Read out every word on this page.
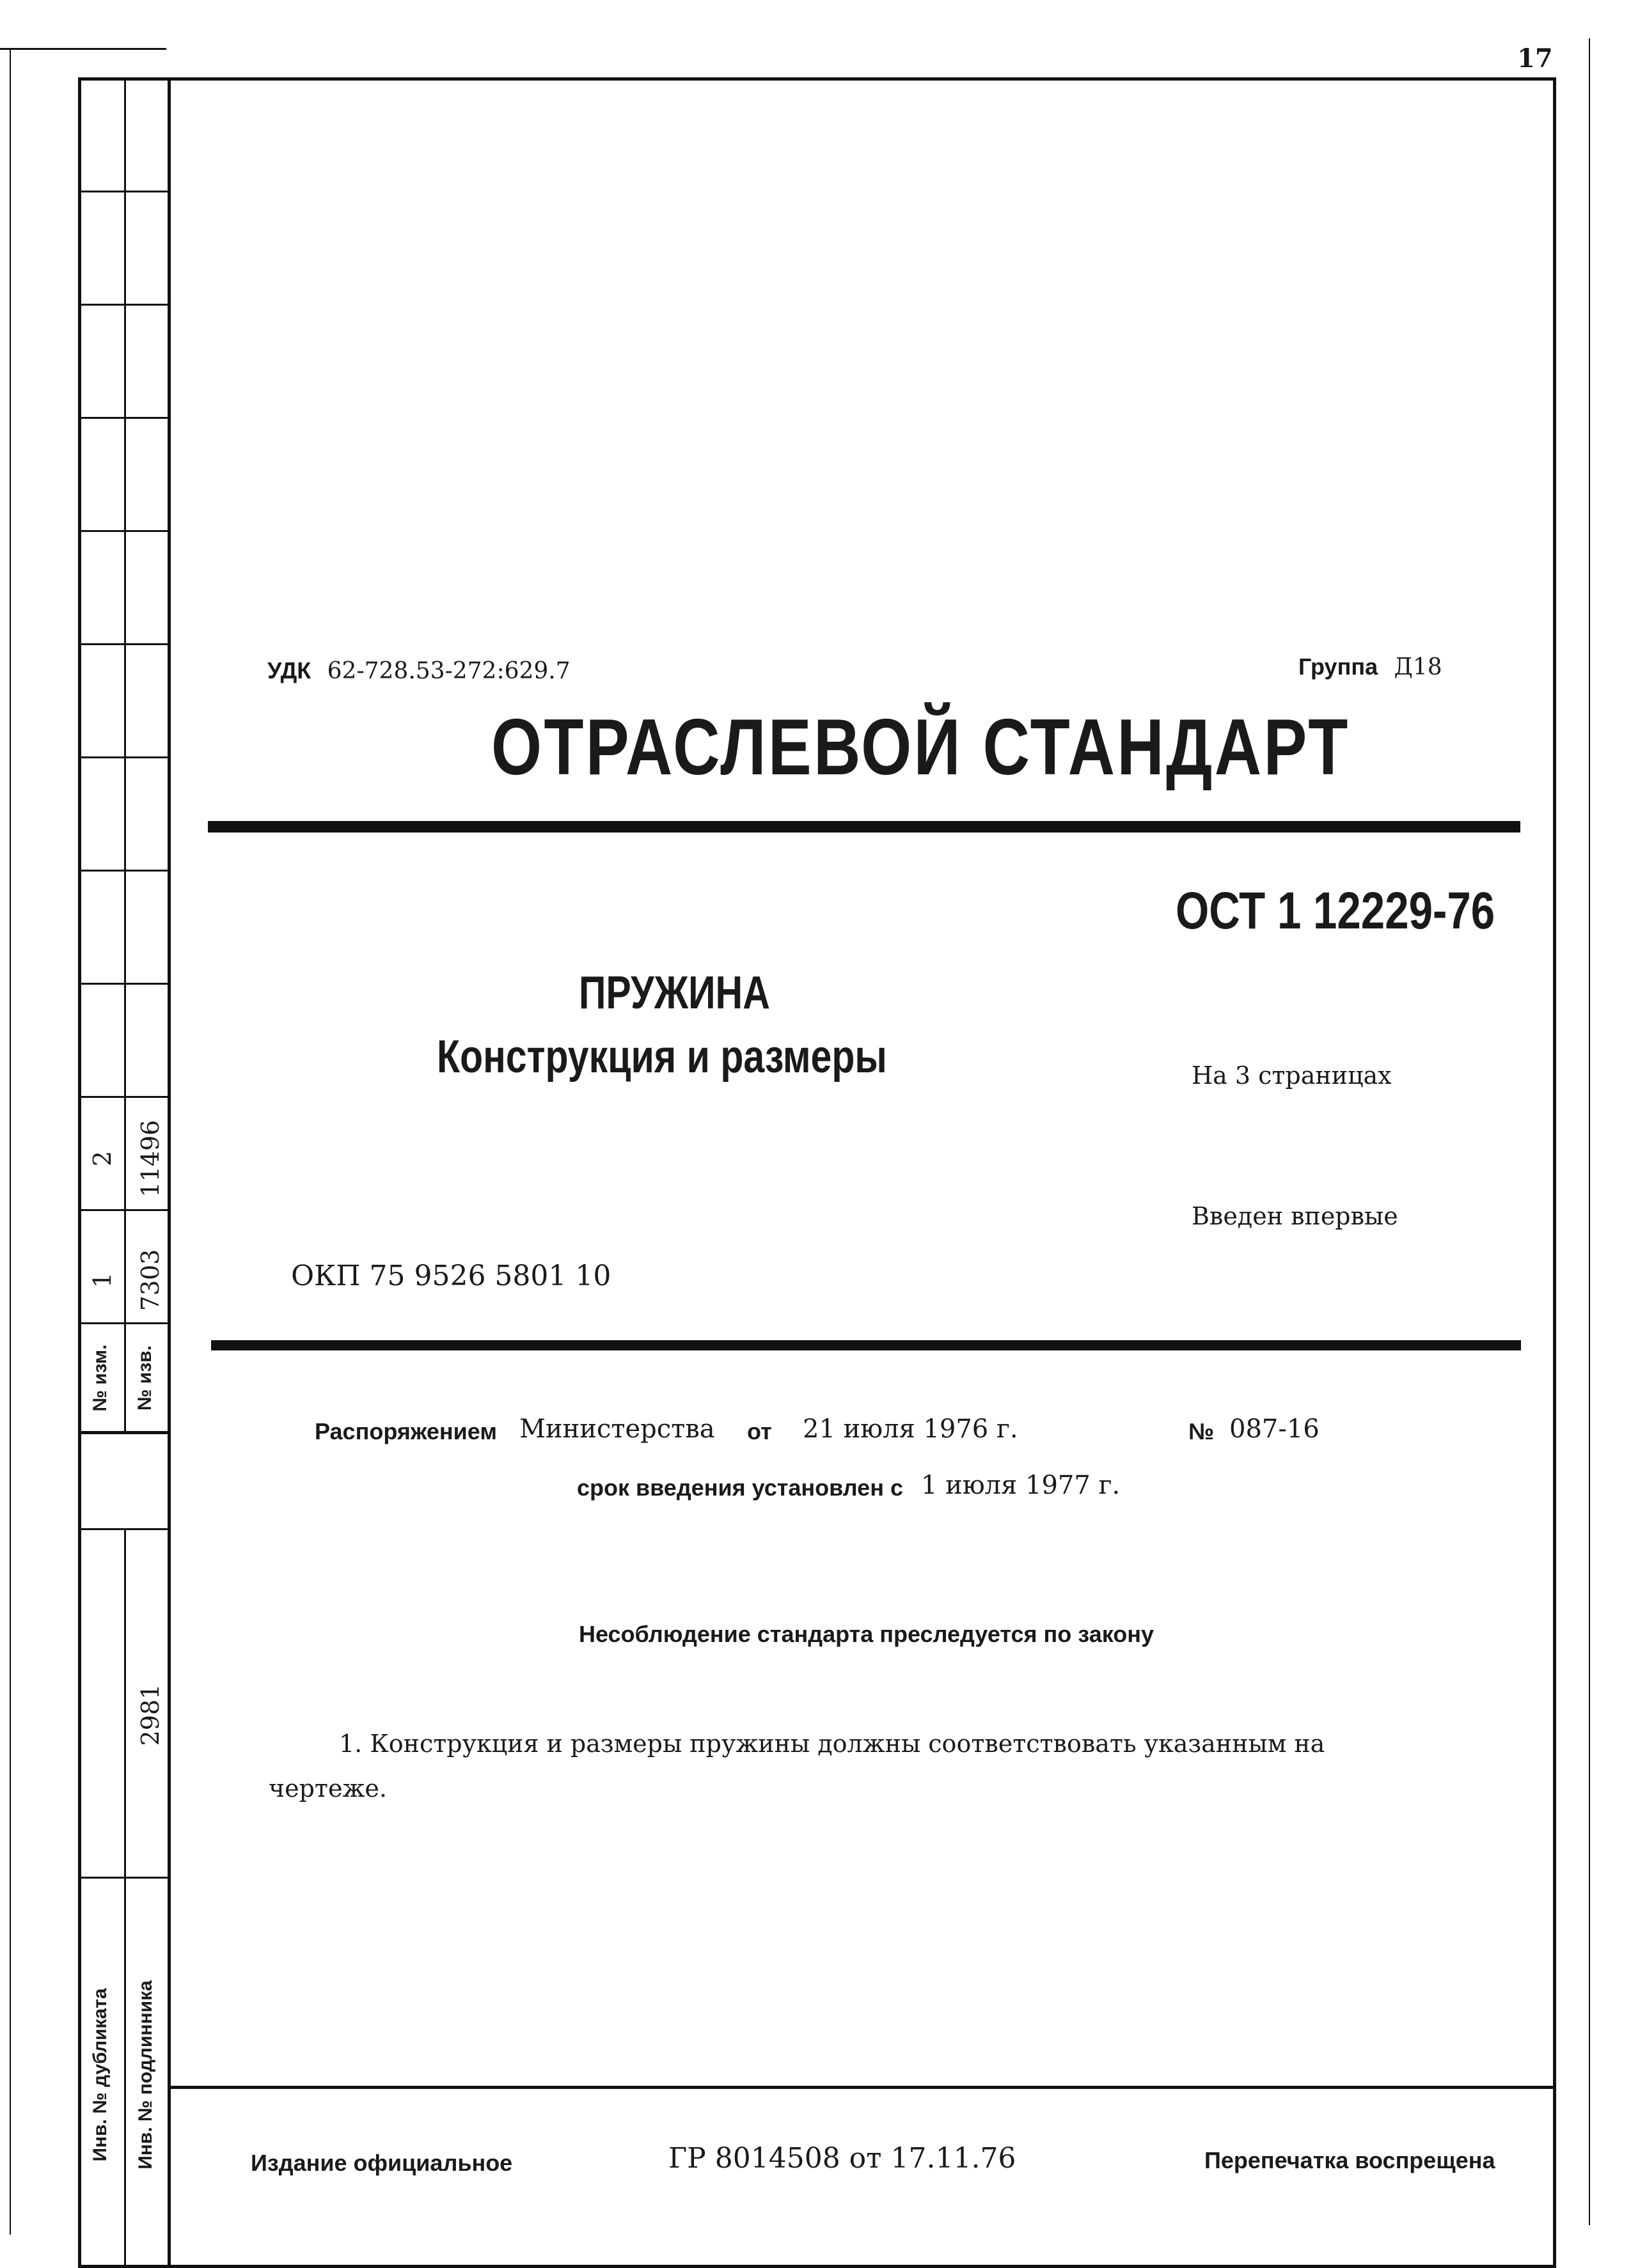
17
2 11496
1 7303
№ изм. № изв.
2981
Инв. № дубликата Инв. № подлинника
УДК 62-728.53-272:629.7	Группа Д18
ОТРАСЛЕВОЙ СТАНДАРТ
ОСТ 1 12229-76
ПРУЖИНА
Конструкция и размеры	На 3 страницах
Введен впервые
ОКП 75 9526 5801 10
Распоряжением Министерства от 21 июля 1976 г.	№ 087-16
срок введения установлен с 1 июля 1977 г.
Несоблюдение стандарта преследуется по закону
1. Конструкция и размеры пружины должны соответствовать указанным на
чертеже.
Издание официальное	ГР 8014508 от 17.11.76	Перепечатка воспрещена
